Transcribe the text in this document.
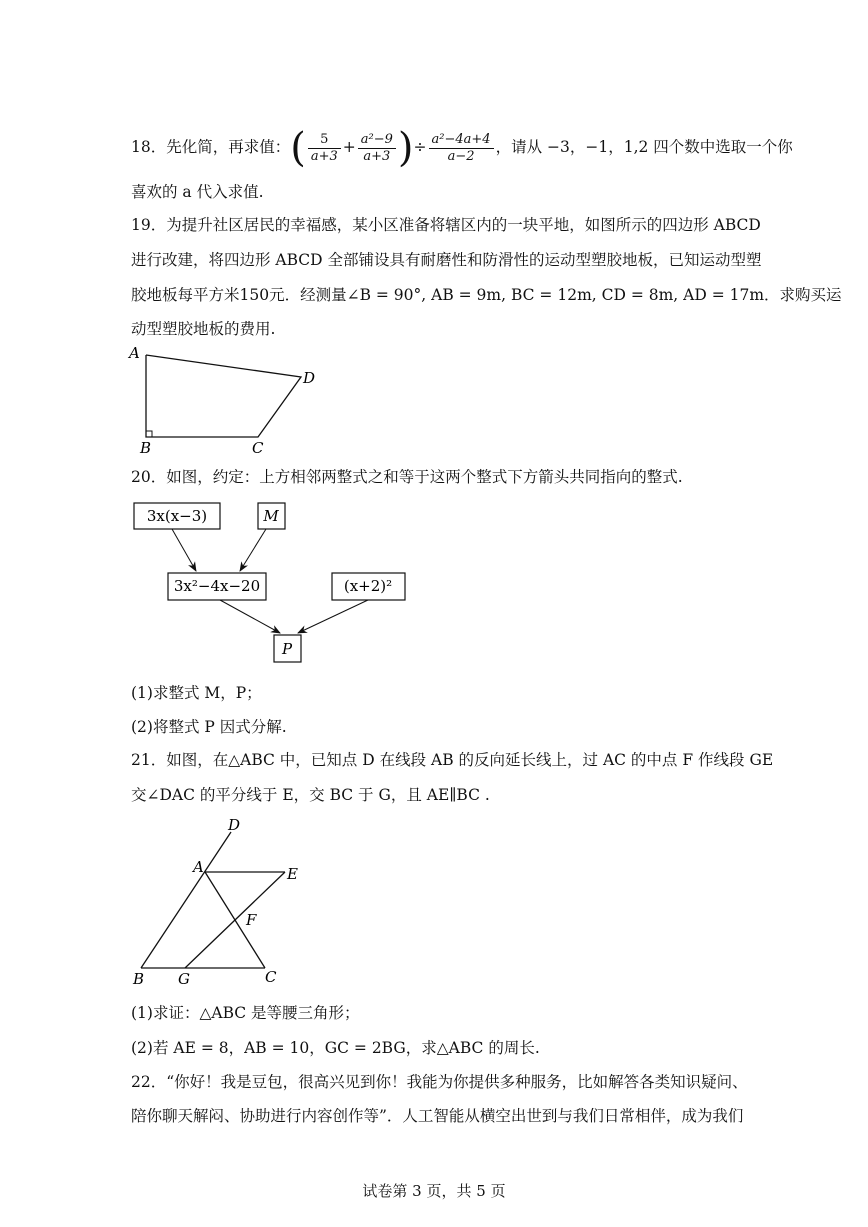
18．先化简，再求值：( $\frac{5}{a+3} + \frac{\text{a²−9}}{a+3}$ )÷ $\frac{\text{a²−4a+4}}{a-2}$ ，请从 −3，−1，1,2 四个数中选取一个你
喜欢的 a 代入求值.
19．为提升社区居民的幸福感，某小区准备将辖区内的一块平地，如图所示的四边形 ABCD
进行改建，将四边形 ABCD 全部铺设具有耐磨性和防滑性的运动型塑胶地板，已知运动型塑
胶地板每平方米150元．经测量∠B = 90°, AB = 9m, BC = 12m, CD = 8m, AD = 17m．求购买运
动型塑胶地板的费用.
A
B	C
D
20．如图，约定：上方相邻两整式之和等于这两个整式下方箭头共同指向的整式.
3x(x−3)	M
3x²−4x−20	(x+2)²
P
(1)求整式 M，P；
(2)将整式 P 因式分解.
21．如图，在△ABC 中，已知点 D 在线段 AB 的反向延长线上，过 AC 的中点 F 作线段 GE
交∠DAC 的平分线于 E，交 BC 于 G，且 AE∥BC .
D
A	E
F
B G	C
(1)求证：△ABC 是等腰三角形；
(2)若 AE = 8，AB = 10，GC = 2BG，求△ABC 的周长.
22．“你好！我是豆包，很高兴见到你！我能为你提供多种服务，比如解答各类知识疑问、
陪你聊天解闷、协助进行内容创作等”．人工智能从横空出世到与我们日常相伴，成为我们
试卷第 3 页，共 5 页
